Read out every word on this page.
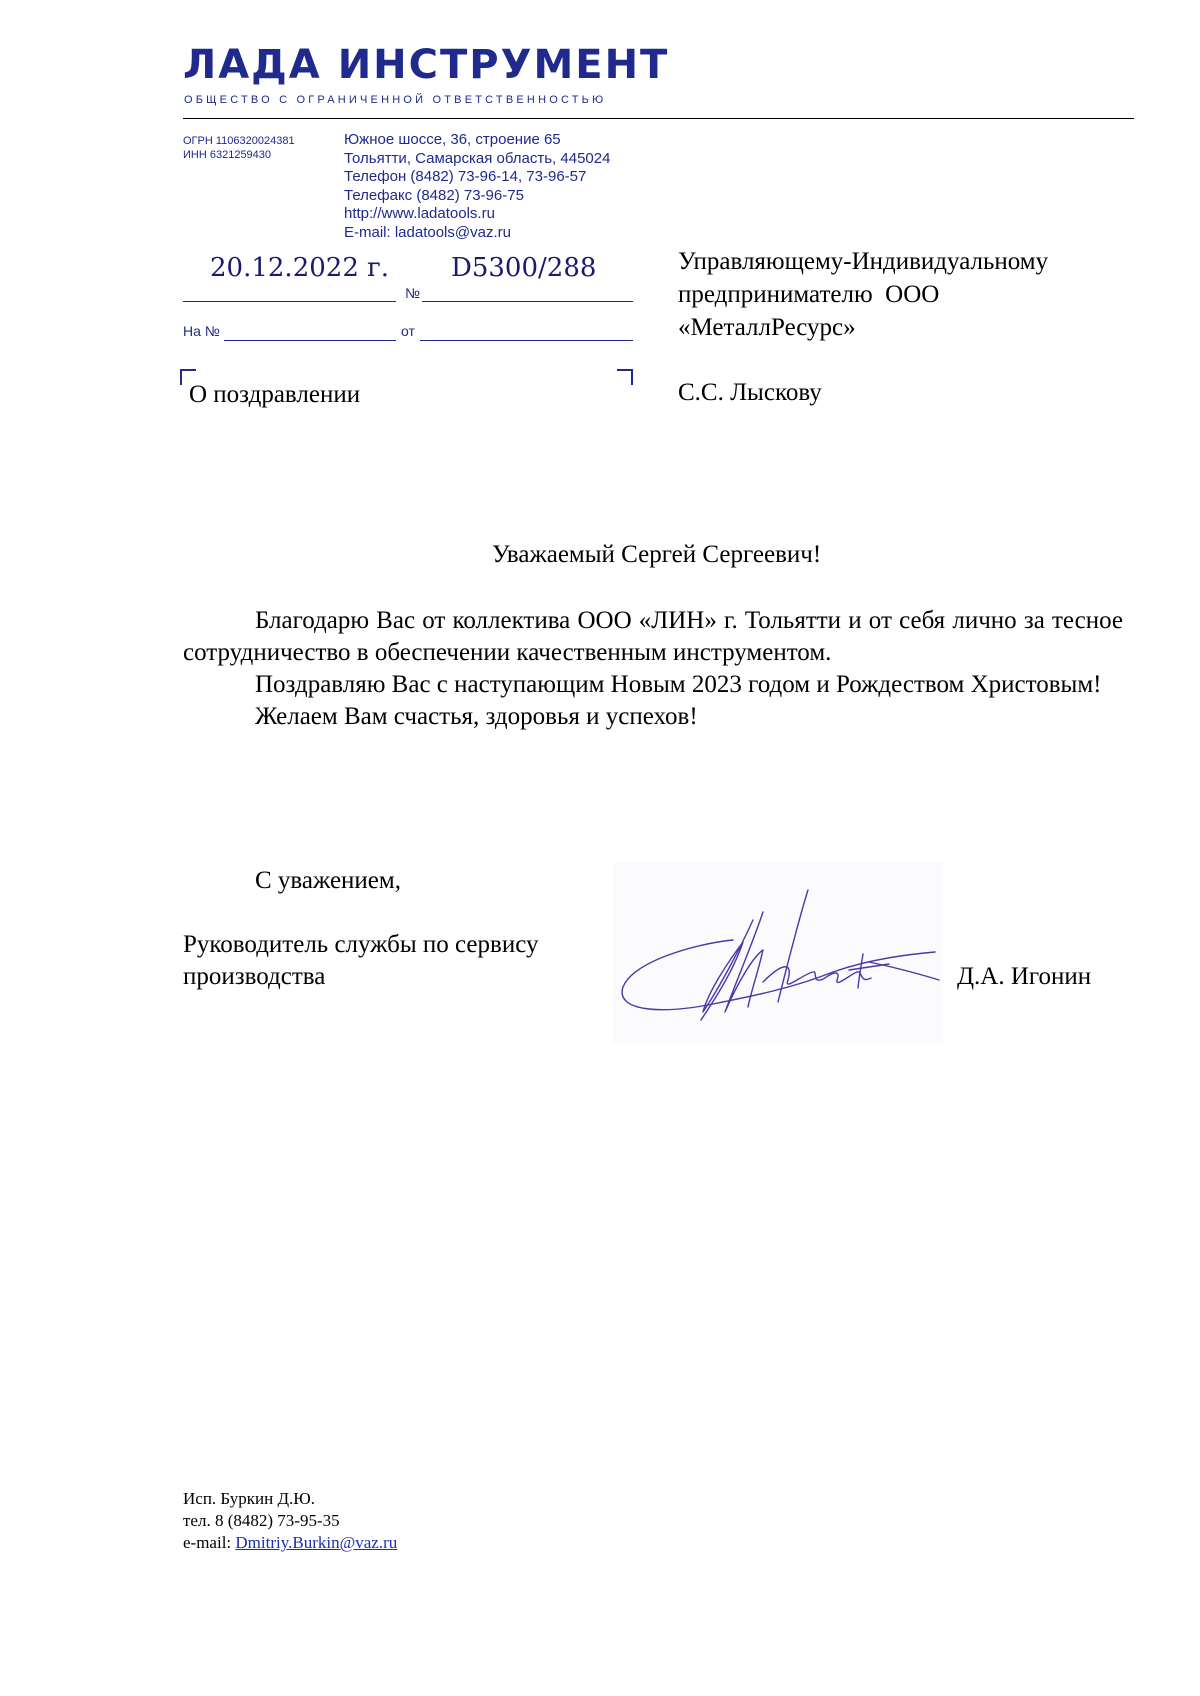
ЛАДА ИНСТРУМЕНТ
ОБЩЕСТВО С ОГРАНИЧЕННОЙ ОТВЕТСТВЕННОСТЬЮ
ОГРН 1106320024381
ИНН 6321259430
Южное шоссе, 36, строение 65
Тольятти, Самарская область, 445024
Телефон (8482) 73-96-14, 73-96-57
Телефакс (8482) 73-96-75
http://www.ladatools.ru
E-mail: ladatools@vaz.ru
20.12.2022 г. D5300/288
№
На №	от
О поздравлении
Управляющему-Индивидуальному
предпринимателю  ООО
«МеталлРесурс»
С.С. Лыскову
Уважаемый Сергей Сергеевич!

Благодарю Вас от коллектива ООО «ЛИН» г. Тольятти и от себя лично за тесное сотрудничество в обеспечении качественным инструментом.

Поздравляю Вас с наступающим Новым 2023 годом и Рождеством Христовым!

Желаем Вам счастья, здоровья и успехов!

С уважением,
Руководитель службы по сервису
производства	Д.А. Игонин
Исп. Буркин Д.Ю.
тел. 8 (8482) 73-95-35
e-mail: Dmitriy.Burkin@vaz.ru
